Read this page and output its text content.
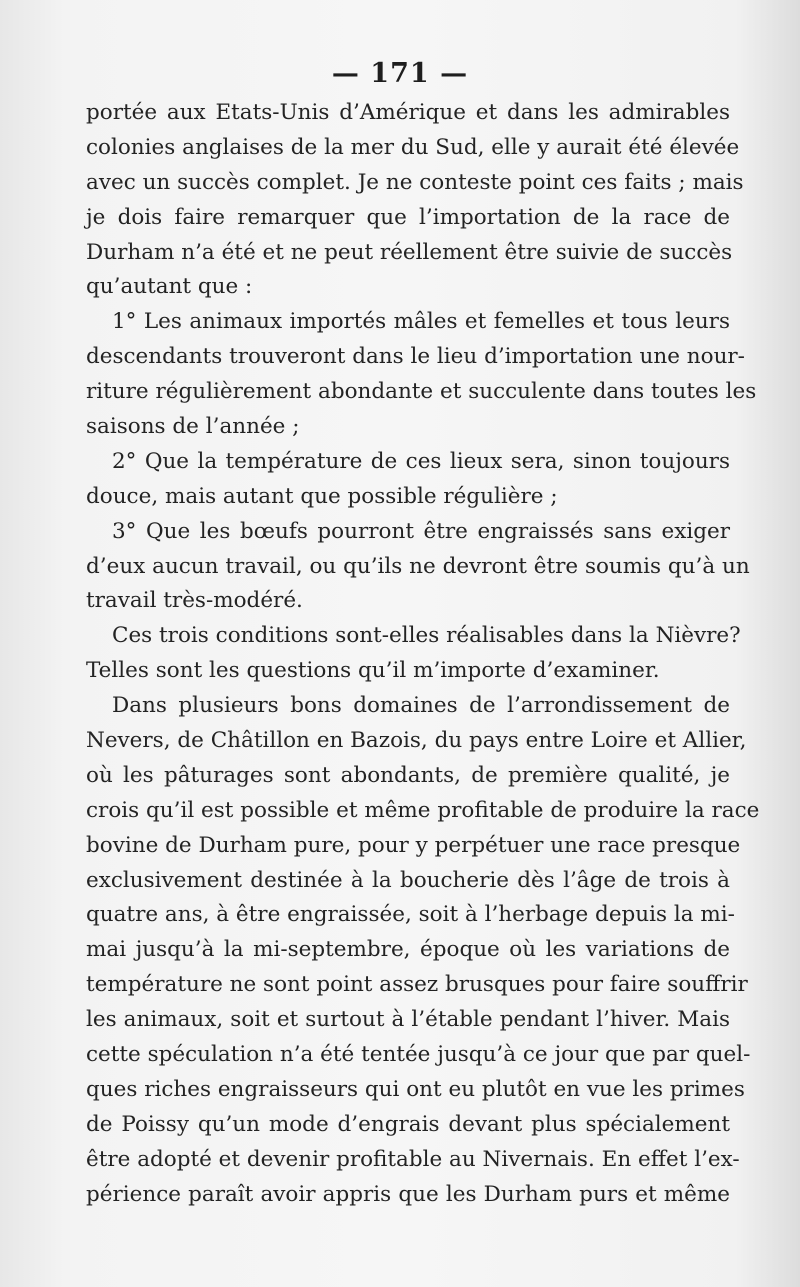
— 171 —
portée aux Etats-Unis d’Amérique et dans les admirables
colonies anglaises de la mer du Sud, elle y aurait été élevée
avec un succès complet. Je ne conteste point ces faits ; mais
je dois faire remarquer que l’importation de la race de
Durham n’a été et ne peut réellement être suivie de succès
qu’autant que :
1° Les animaux importés mâles et femelles et tous leurs
descendants trouveront dans le lieu d’importation une nour-
riture régulièrement abondante et succulente dans toutes les
saisons de l’année ;
2° Que la température de ces lieux sera, sinon toujours
douce, mais autant que possible régulière ;
3° Que les bœufs pourront être engraissés sans exiger
d’eux aucun travail, ou qu’ils ne devront être soumis qu’à un
travail très-modéré.
Ces trois conditions sont-elles réalisables dans la Nièvre?
Telles sont les questions qu’il m’importe d’examiner.
Dans plusieurs bons domaines de l’arrondissement de
Nevers, de Châtillon en Bazois, du pays entre Loire et Allier,
où les pâturages sont abondants, de première qualité, je
crois qu’il est possible et même profitable de produire la race
bovine de Durham pure, pour y perpétuer une race presque
exclusivement destinée à la boucherie dès l’âge de trois à
quatre ans, à être engraissée, soit à l’herbage depuis la mi-
mai jusqu’à la mi-septembre, époque où les variations de
température ne sont point assez brusques pour faire souffrir
les animaux, soit et surtout à l’étable pendant l’hiver. Mais
cette spéculation n’a été tentée jusqu’à ce jour que par quel-
ques riches engraisseurs qui ont eu plutôt en vue les primes
de Poissy qu’un mode d’engrais devant plus spécialement
être adopté et devenir profitable au Nivernais. En effet l’ex-
périence paraît avoir appris que les Durham purs et même
